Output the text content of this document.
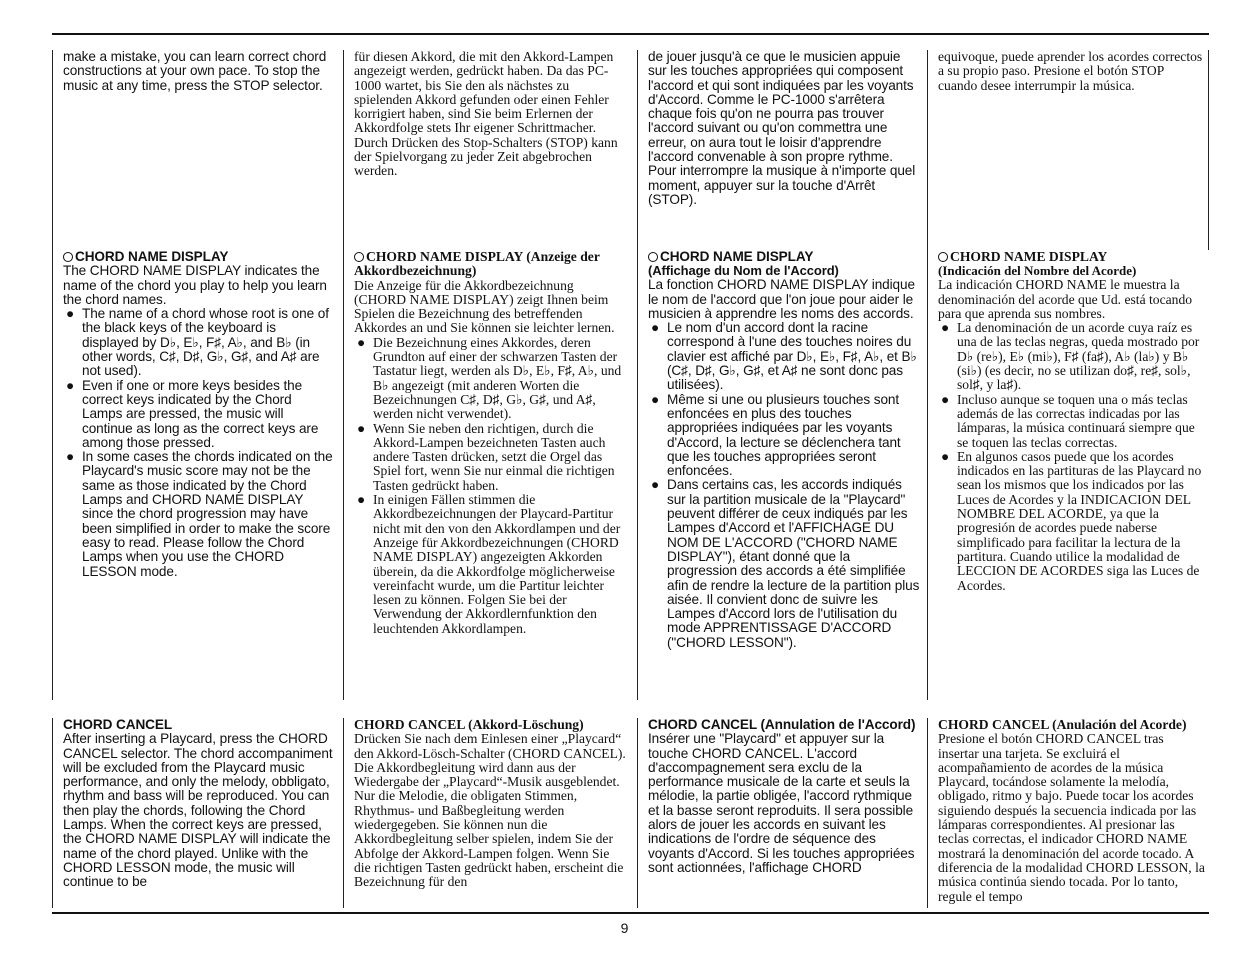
make a mistake, you can learn correct chord constructions at your own pace. To stop the music at any time, press the STOP selector.

für diesen Akkord, die mit den Akkord-Lampen angezeigt werden, gedrückt haben. Da das PC-1000 wartet, bis Sie den als nächstes zu spielenden Akkord gefunden oder einen Fehler korrigiert haben, sind Sie beim Erlernen der Akkordfolge stets Ihr eigener Schrittmacher. Durch Drücken des Stop-Schalters (STOP) kann der Spielvorgang zu jeder Zeit abgebrochen werden.

de jouer jusqu'à ce que le musicien appuie sur les touches appropriées qui composent l'accord et qui sont indiquées par les voyants d'Accord. Comme le PC-1000 s'arrêtera chaque fois qu'on ne pourra pas trouver l'accord suivant ou qu'on commettra une erreur, on aura tout le loisir d'apprendre l'accord convenable à son propre rythme. Pour interrompre la musique à n'importe quel moment, appuyer sur la touche d'Arrêt (STOP).

equivoque, puede aprender los acordes correctos a su propio paso. Presione el botón STOP cuando desee interrumpir la música.

CHORD NAME DISPLAY

The CHORD NAME DISPLAY indicates the name of the chord you play to help you learn the chord names.

● The name of a chord whose root is one of the black keys of the keyboard is displayed by D♭, E♭, F♯, A♭, and B♭ (in other words, C♯, D♯, G♭, G♯, and A♯ are not used).
● Even if one or more keys besides the correct keys indicated by the Chord Lamps are pressed, the music will continue as long as the correct keys are among those pressed.
● In some cases the chords indicated on the Playcard's music score may not be the same as those indicated by the Chord Lamps and CHORD NAME DISPLAY since the chord progression may have been simplified in order to make the score easy to read. Please follow the Chord Lamps when you use the CHORD LESSON mode.
CHORD NAME DISPLAY (Anzeige der Akkordbezeichnung)

Die Anzeige für die Akkordbezeichnung (CHORD NAME DISPLAY) zeigt Ihnen beim Spielen die Bezeichnung des betreffenden Akkordes an und Sie können sie leichter lernen.

● Die Bezeichnung eines Akkordes, deren Grundton auf einer der schwarzen Tasten der Tastatur liegt, werden als D♭, E♭, F♯, A♭, und B♭ angezeigt (mit anderen Worten die Bezeichnungen C♯, D♯, G♭, G♯, und A♯, werden nicht verwendet).
● Wenn Sie neben den richtigen, durch die Akkord-Lampen bezeichneten Tasten auch andere Tasten drücken, setzt die Orgel das Spiel fort, wenn Sie nur einmal die richtigen Tasten gedrückt haben.
● In einigen Fällen stimmen die Akkordbezeichnungen der Playcard-Partitur nicht mit den von den Akkordlampen und der Anzeige für Akkordbezeichnungen (CHORD NAME DISPLAY) angezeigten Akkorden überein, da die Akkordfolge möglicherweise vereinfacht wurde, um die Partitur leichter lesen zu können. Folgen Sie bei der Verwendung der Akkordlernfunktion den leuchtenden Akkordlampen.
CHORD NAME DISPLAY
(Affichage du Nom de l'Accord)

La fonction CHORD NAME DISPLAY indique le nom de l'accord que l'on joue pour aider le musicien à apprendre les noms des accords.

● Le nom d'un accord dont la racine correspond à l'une des touches noires du clavier est affiché par D♭, E♭, F♯, A♭, et B♭ (C♯, D♯, G♭, G♯, et A♯ ne sont donc pas utilisées).
● Même si une ou plusieurs touches sont enfoncées en plus des touches appropriées indiquées par les voyants d'Accord, la lecture se déclenchera tant que les touches appropriées seront enfoncées.
● Dans certains cas, les accords indiqués sur la partition musicale de la "Playcard" peuvent différer de ceux indiqués par les Lampes d'Accord et l'AFFICHAGE DU NOM DE L'ACCORD ("CHORD NAME DISPLAY"), étant donné que la progression des accords a été simplifiée afin de rendre la lecture de la partition plus aisée. Il convient donc de suivre les Lampes d'Accord lors de l'utilisation du mode APPRENTISSAGE D'ACCORD ("CHORD LESSON").
CHORD NAME DISPLAY
(Indicación del Nombre del Acorde)

La indicación CHORD NAME le muestra la denominación del acorde que Ud. está tocando para que aprenda sus nombres.

● La denominación de un acorde cuya raíz es una de las teclas negras, queda mostrado por D♭ (re♭), E♭ (mi♭), F♯ (fa♯), A♭ (la♭) y B♭ (si♭) (es decir, no se utilizan do♯, re♯, sol♭, sol♯, y la♯).
● Incluso aunque se toquen una o más teclas además de las correctas indicadas por las lámparas, la música continuará siempre que se toquen las teclas correctas.
● En algunos casos puede que los acordes indicados en las partituras de las Playcard no sean los mismos que los indicados por las Luces de Acordes y la INDICACION DEL NOMBRE DEL ACORDE, ya que la progresión de acordes puede naberse simplificado para facilitar la lectura de la partitura. Cuando utilice la modalidad de LECCION DE ACORDES siga las Luces de Acordes.
CHORD CANCEL

After inserting a Playcard, press the CHORD CANCEL selector. The chord accompaniment will be excluded from the Playcard music performance, and only the melody, obbligato, rhythm and bass will be reproduced. You can then play the chords, following the Chord Lamps. When the correct keys are pressed, the CHORD NAME DISPLAY will indicate the name of the chord played. Unlike with the CHORD LESSON mode, the music will continue to be

CHORD CANCEL (Akkord-Löschung)

Drücken Sie nach dem Einlesen einer „Playcard“ den Akkord-Lösch-Schalter (CHORD CANCEL). Die Akkordbegleitung wird dann aus der Wiedergabe der „Playcard“-Musik ausgeblendet. Nur die Melodie, die obligaten Stimmen, Rhythmus- und Baßbegleitung werden wiedergegeben. Sie können nun die Akkordbegleitung selber spielen, indem Sie der Abfolge der Akkord-Lampen folgen. Wenn Sie die richtigen Tasten gedrückt haben, erscheint die Bezeichnung für den

CHORD CANCEL (Annulation de l'Accord)

Insérer une "Playcard" et appuyer sur la touche CHORD CANCEL. L'accord d'accompagnement sera exclu de la performance musicale de la carte et seuls la mélodie, la partie obligée, l'accord rythmique et la basse seront reproduits. Il sera possible alors de jouer les accords en suivant les indications de l'ordre de séquence des voyants d'Accord. Si les touches appropriées sont actionnées, l'affichage CHORD

CHORD CANCEL (Anulación del Acorde)

Presione el botón CHORD CANCEL tras insertar una tarjeta. Se excluirá el acompañamiento de acordes de la música Playcard, tocándose solamente la melodía, obligado, ritmo y bajo. Puede tocar los acordes siguiendo después la secuencia indicada por las lámparas correspondientes. Al presionar las teclas correctas, el indicador CHORD NAME mostrará la denominación del acorde tocado. A diferencia de la modalidad CHORD LESSON, la música continúa siendo tocada. Por lo tanto, regule el tempo

9
